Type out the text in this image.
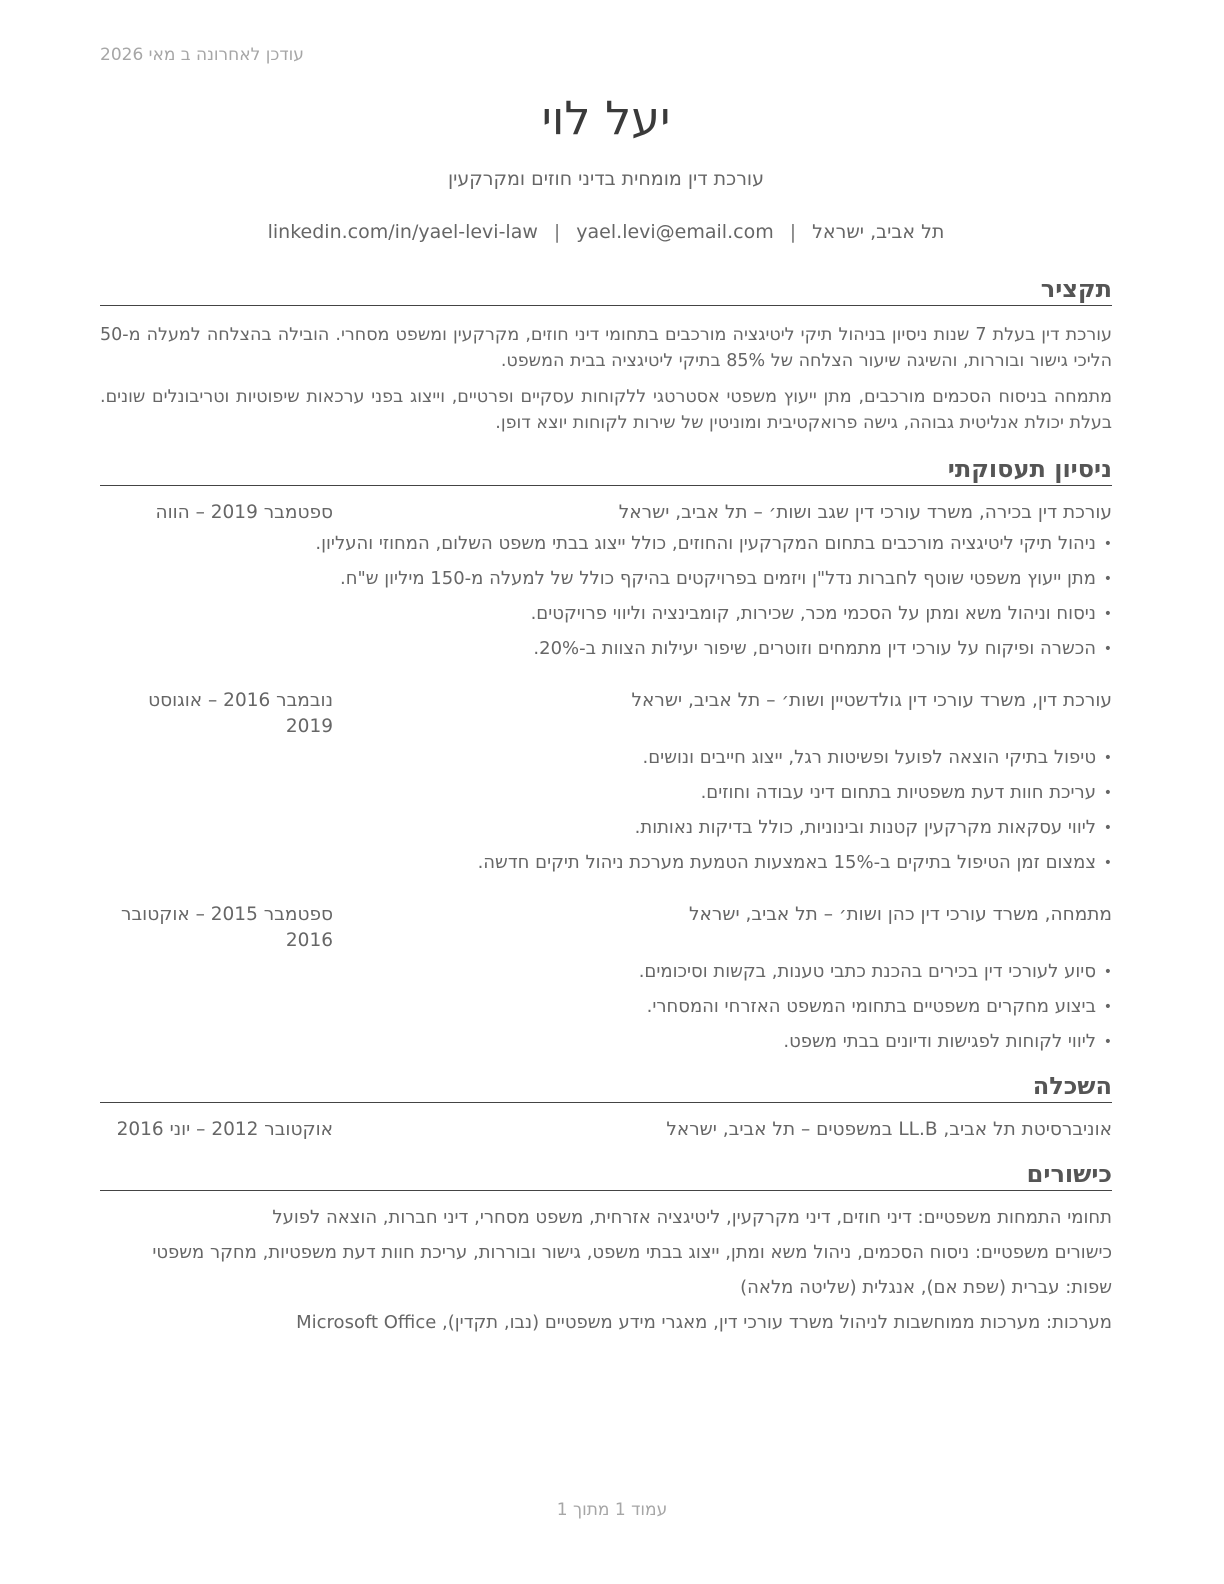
עודכן לאחרונה ב מאי 2026
יעל לוי
עורכת דין מומחית בדיני חוזים ומקרקעין
linkedin.com/in/yael-levi-law | yael.levi@email.com | תל אביב, ישראל
תקציר

עורכת דין בעלת 7 שנות ניסיון בניהול תיקי ליטיגציה מורכבים בתחומי דיני חוזים, מקרקעין ומשפט מסחרי. הובילה בהצלחה למעלה מ-50 הליכי גישור ובוררות, והשיגה שיעור הצלחה של 85% בתיקי ליטיגציה בבית המשפט.

מתמחה בניסוח הסכמים מורכבים, מתן ייעוץ משפטי אסטרטגי ללקוחות עסקיים ופרטיים, וייצוג בפני ערכאות שיפוטיות וטריבונלים שונים. בעלת יכולת אנליטית גבוהה, גישה פרואקטיבית ומוניטין של שירות לקוחות יוצא דופן.

ניסיון תעסוקתי
עורכת דין בכירה, משרד עורכי דין שגב ושות׳ – תל אביב, ישראל
ספטמבר 2019 – הווה
• ניהול תיקי ליטיגציה מורכבים בתחום המקרקעין והחוזים, כולל ייצוג בבתי משפט השלום, המחוזי והעליון.
• מתן ייעוץ משפטי שוטף לחברות נדל"ן ויזמים בפרויקטים בהיקף כולל של למעלה מ-150 מיליון ש"ח.
• ניסוח וניהול משא ומתן על הסכמי מכר, שכירות, קומבינציה וליווי פרויקטים.
• הכשרה ופיקוח על עורכי דין מתמחים וזוטרים, שיפור יעילות הצוות ב-20%.
עורכת דין, משרד עורכי דין גולדשטיין ושות׳ – תל אביב, ישראל
נובמבר 2016 – אוגוסט 2019
• טיפול בתיקי הוצאה לפועל ופשיטות רגל, ייצוג חייבים ונושים.
• עריכת חוות דעת משפטיות בתחום דיני עבודה וחוזים.
• ליווי עסקאות מקרקעין קטנות ובינוניות, כולל בדיקות נאותות.
• צמצום זמן הטיפול בתיקים ב-15% באמצעות הטמעת מערכת ניהול תיקים חדשה.
מתמחה, משרד עורכי דין כהן ושות׳ – תל אביב, ישראל
ספטמבר 2015 – אוקטובר 2016
• סיוע לעורכי דין בכירים בהכנת כתבי טענות, בקשות וסיכומים.
• ביצוע מחקרים משפטיים בתחומי המשפט האזרחי והמסחרי.
• ליווי לקוחות לפגישות ודיונים בבתי משפט.
השכלה
אוניברסיטת תל אביב, LL.B במשפטים – תל אביב, ישראל
אוקטובר 2012 – יוני 2016
כישורים
תחומי התמחות משפטיים: דיני חוזים, דיני מקרקעין, ליטיגציה אזרחית, משפט מסחרי, דיני חברות, הוצאה לפועל
כישורים משפטיים: ניסוח הסכמים, ניהול משא ומתן, ייצוג בבתי משפט, גישור ובוררות, עריכת חוות דעת משפטיות, מחקר משפטי
שפות: עברית (שפת אם), אנגלית (שליטה מלאה)
מערכות: מערכות ממוחשבות לניהול משרד עורכי דין, מאגרי מידע משפטיים (נבו, תקדין), Microsoft Office
עמוד 1 מתוך 1
